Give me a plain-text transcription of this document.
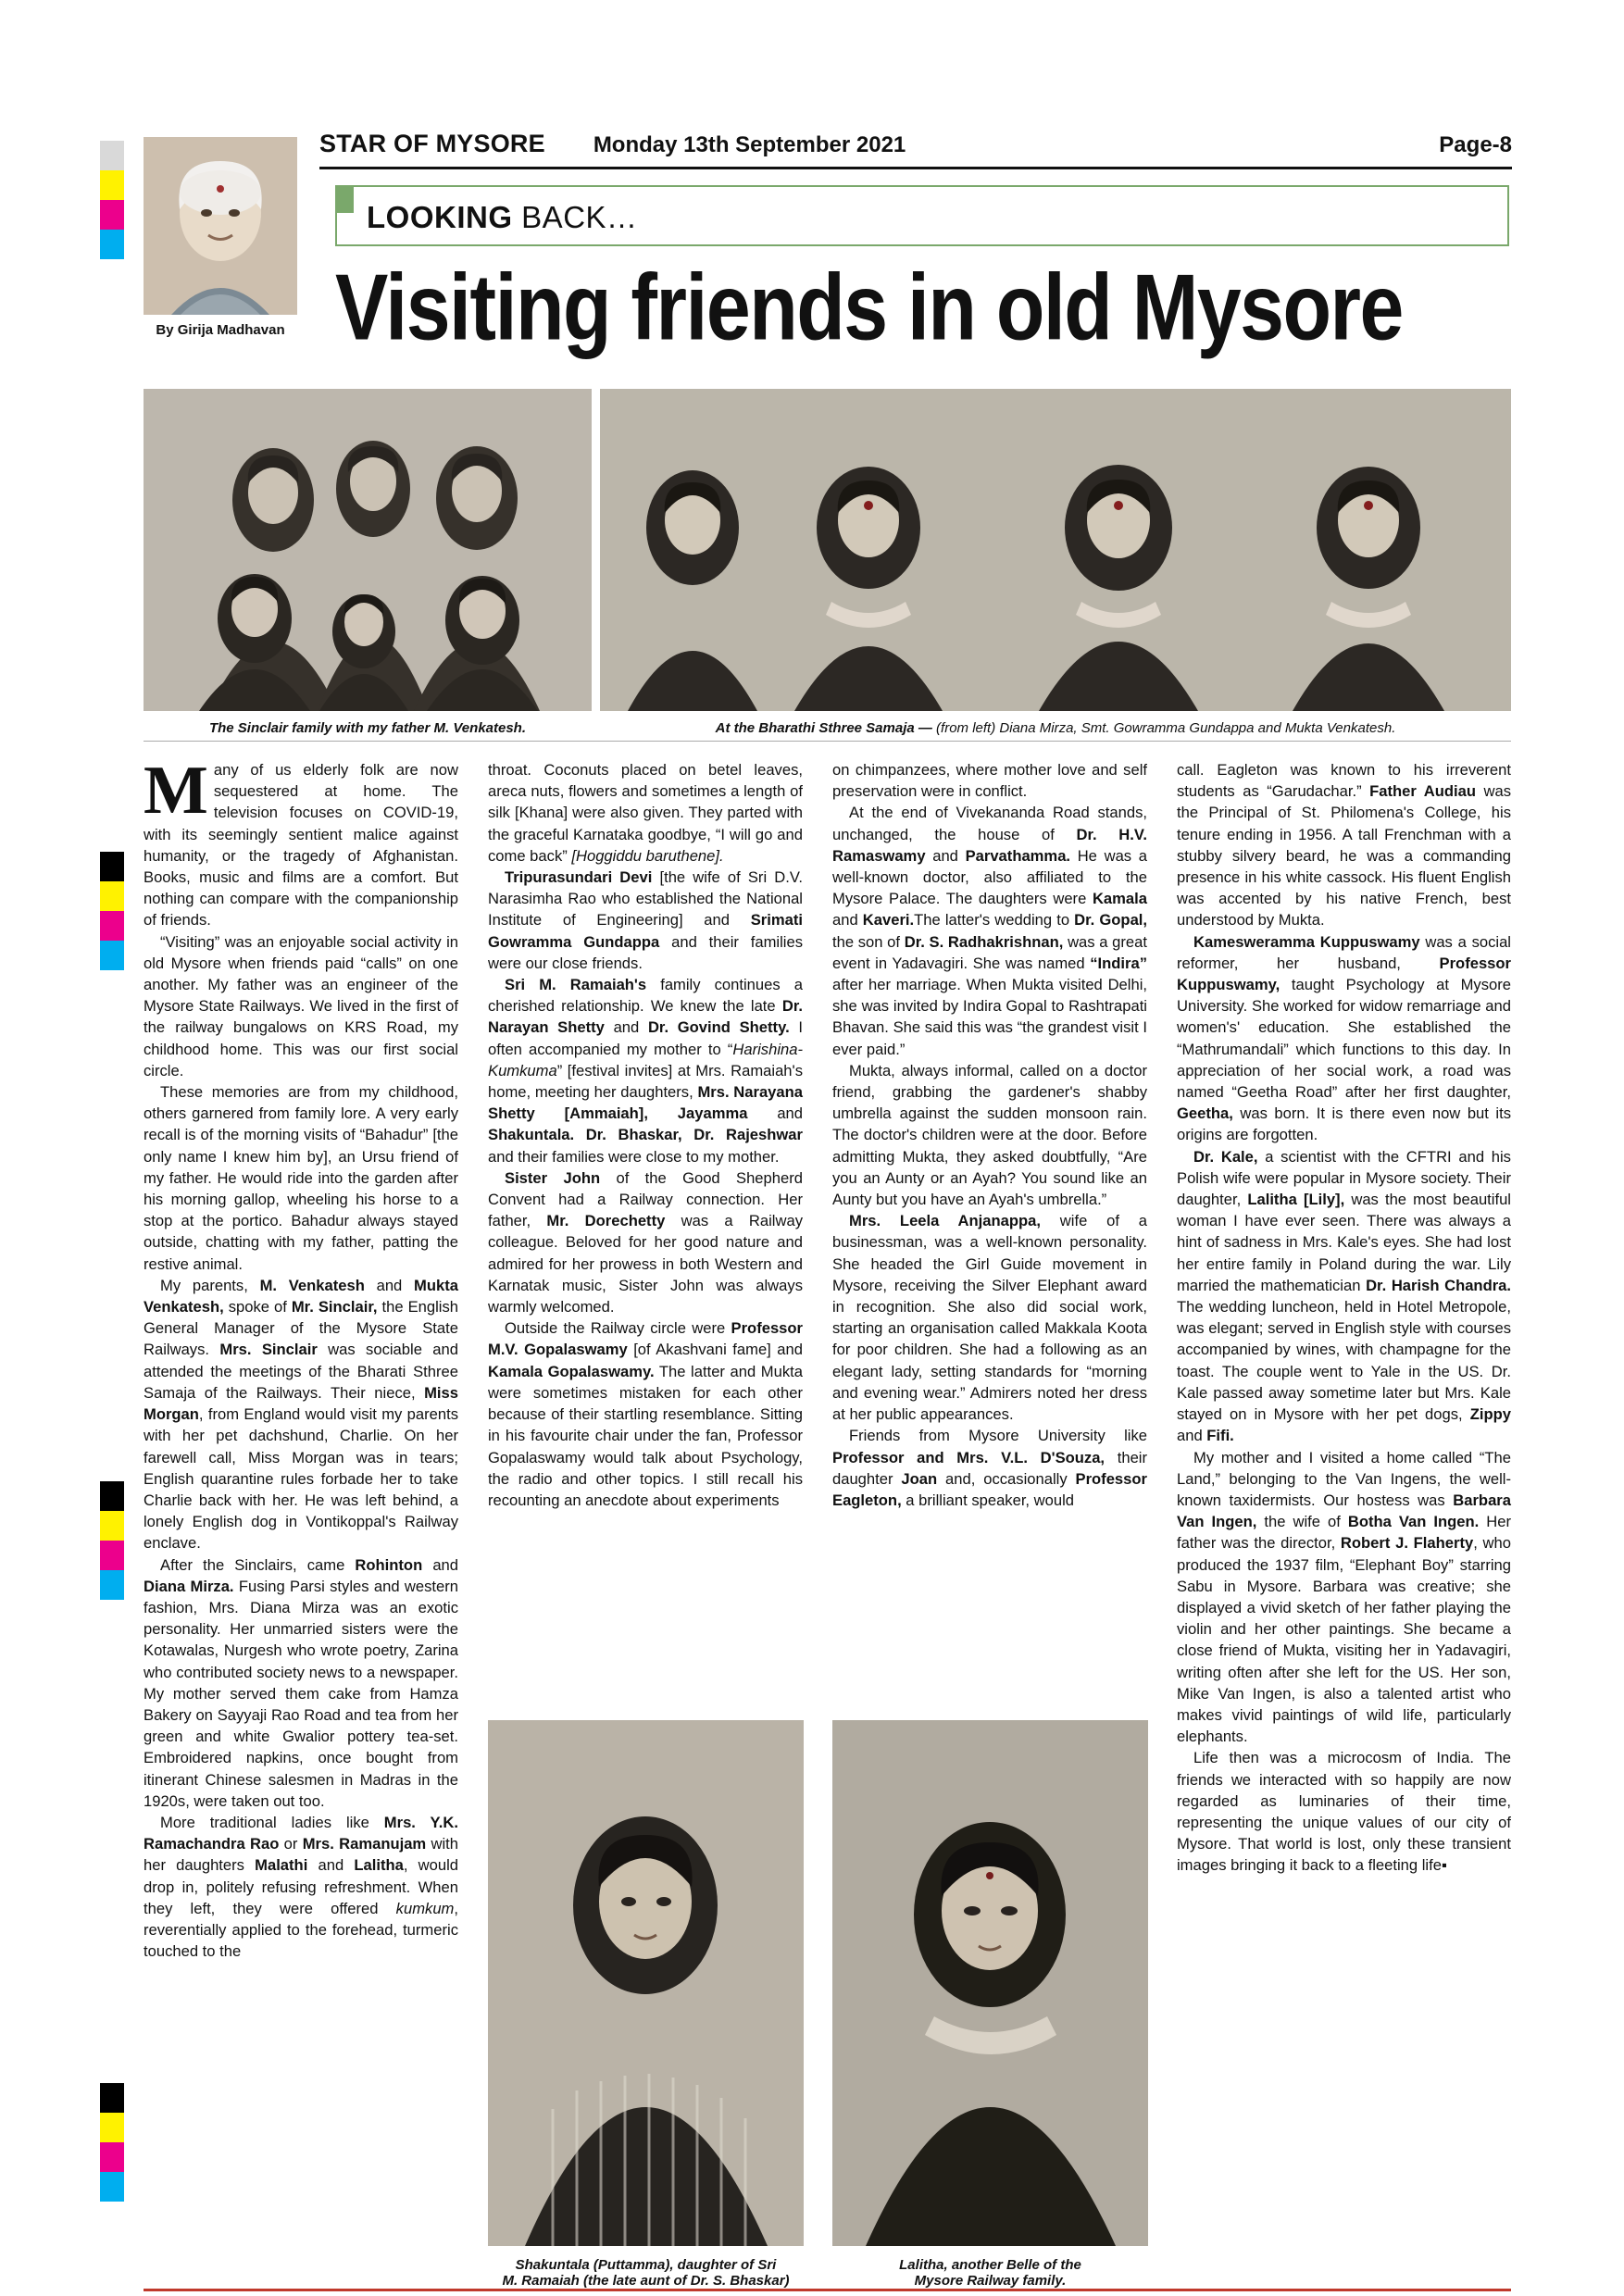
By Girija Madhavan
STAR OF MYSORE Monday 13th September 2021	Page-8
LOOKING BACK…
Visiting friends in old Mysore
The Sinclair family with my father M. Venkatesh.	At the Bharathi Sthree Samaja — (from left) Diana Mirza, Smt. Gowramma Gundappa and Mukta Venkatesh.

Many of us elderly folk are now sequestered at home. The television focuses on COVID-19, with its seemingly sentient malice against humanity, or the tragedy of Afghanistan. Books, music and films are a comfort. But nothing can compare with the companionship of friends.

“Visiting” was an enjoyable social activity in old Mysore when friends paid “calls” on one another. My father was an engineer of the Mysore State Railways. We lived in the first of the railway bungalows on KRS Road, my childhood home. This was our first social circle.

These memories are from my childhood, others garnered from family lore. A very early recall is of the morning visits of “Bahadur” [the only name I knew him by], an Ursu friend of my father. He would ride into the garden after his morning gallop, wheeling his horse to a stop at the portico. Bahadur always stayed outside, chatting with my father, patting the restive animal.

My parents, M. Venkatesh and Mukta Venkatesh, spoke of Mr. Sinclair, the English General Manager of the Mysore State Railways. Mrs. Sinclair was sociable and attended the meetings of the Bharati Sthree Samaja of the Railways. Their niece, Miss Morgan, from England would visit my parents with her pet dachshund, Charlie. On her farewell call, Miss Morgan was in tears; English quarantine rules forbade her to take Charlie back with her. He was left behind, a lonely English dog in Vontikoppal's Railway enclave.

After the Sinclairs, came Rohinton and Diana Mirza. Fusing Parsi styles and western fashion, Mrs. Diana Mirza was an exotic personality. Her unmarried sisters were the Kotawalas, Nurgesh who wrote poetry, Zarina who contributed society news to a newspaper. My mother served them cake from Hamza Bakery on Sayyaji Rao Road and tea from her green and white Gwalior pottery tea-set. Embroidered napkins, once bought from itinerant Chinese salesmen in Madras in the 1920s, were taken out too.

More traditional ladies like Mrs. Y.K. Ramachandra Rao or Mrs. Ramanujam with her daughters Malathi and Lalitha, would drop in, politely refusing refreshment. When they left, they were offered kumkum, reverentially applied to the forehead, turmeric touched to the

throat. Coconuts placed on betel leaves, areca nuts, flowers and sometimes a length of silk [Khana] were also given. They parted with the graceful Karnataka goodbye, “I will go and come back” [Hoggiddu baruthene].

Tripurasundari Devi [the wife of Sri D.V. Narasimha Rao who established the National Institute of Engineering] and Srimati Gowramma Gundappa and their families were our close friends.

Sri M. Ramaiah's family continues a cherished relationship. We knew the late Dr. Narayan Shetty and Dr. Govind Shetty. I often accompanied my mother to “Harishina-Kumkuma” [festival invites] at Mrs. Ramaiah's home, meeting her daughters, Mrs. Narayana Shetty [Ammaiah], Jayamma and Shakuntala. Dr. Bhaskar, Dr. Rajeshwar and their families were close to my mother.

Sister John of the Good Shepherd Convent had a Railway connection. Her father, Mr. Dorechetty was a Railway colleague. Beloved for her good nature and admired for her prowess in both Western and Karnatak music, Sister John was always warmly welcomed.

Outside the Railway circle were Professor M.V. Gopalaswamy [of Akashvani fame] and Kamala Gopalaswamy. The latter and Mukta were sometimes mistaken for each other because of their startling resemblance. Sitting in his favourite chair under the fan, Professor Gopalaswamy would talk about Psychology, the radio and other topics. I still recall his recounting an anecdote about experiments

on chimpanzees, where mother love and self preservation were in conflict.

At the end of Vivekananda Road stands, unchanged, the house of Dr. H.V. Ramaswamy and Parvathamma. He was a well-known doctor, also affiliated to the Mysore Palace. The daughters were Kamala and Kaveri.The latter's wedding to Dr. Gopal, the son of Dr. S. Radhakrishnan, was a great event in Yadavagiri. She was named “Indira” after her marriage. When Mukta visited Delhi, she was invited by Indira Gopal to Rashtrapati Bhavan. She said this was “the grandest visit I ever paid.”

Mukta, always informal, called on a doctor friend, grabbing the gardener's shabby umbrella against the sudden monsoon rain. The doctor's children were at the door. Before admitting Mukta, they asked doubtfully, “Are you an Aunty or an Ayah? You sound like an Aunty but you have an Ayah's umbrella.”

Mrs. Leela Anjanappa, wife of a businessman, was a well-known personality. She headed the Girl Guide movement in Mysore, receiving the Silver Elephant award in recognition. She also did social work, starting an organisation called Makkala Koota for poor children. She had a following as an elegant lady, setting standards for “morning and evening wear.” Admirers noted her dress at her public appearances.

Friends from Mysore University like Professor and Mrs. V.L. D'Souza, their daughter Joan and, occasionally Professor Eagleton, a brilliant speaker, would

call. Eagleton was known to his irreverent students as “Garudachar.” Father Audiau was the Principal of St. Philomena's College, his tenure ending in 1956. A tall Frenchman with a stubby silvery beard, he was a commanding presence in his white cassock. His fluent English was accented by his native French, best understood by Mukta.

Kamesweramma Kuppuswamy was a social reformer, her husband, Professor Kuppuswamy, taught Psychology at Mysore University. She worked for widow remarriage and women's' education. She established the “Mathrumandali” which functions to this day. In appreciation of her social work, a road was named “Geetha Road” after her first daughter, Geetha, was born. It is there even now but its origins are forgotten.

Dr. Kale, a scientist with the CFTRI and his Polish wife were popular in Mysore society. Their daughter, Lalitha [Lily], was the most beautiful woman I have ever seen. There was always a hint of sadness in Mrs. Kale's eyes. She had lost her entire family in Poland during the war. Lily married the mathematician Dr. Harish Chandra. The wedding luncheon, held in Hotel Metropole, was elegant; served in English style with courses accompanied by wines, with champagne for the toast. The couple went to Yale in the US. Dr. Kale passed away sometime later but Mrs. Kale stayed on in Mysore with her pet dogs, Zippy and Fifi.

My mother and I visited a home called “The Land,” belonging to the Van Ingens, the well-known taxidermists. Our hostess was Barbara Van Ingen, the wife of Botha Van Ingen. Her father was the director, Robert J. Flaherty, who produced the 1937 film, “Elephant Boy” starring Sabu in Mysore. Barbara was creative; she displayed a vivid sketch of her father playing the violin and her other paintings. She became a close friend of Mukta, visiting her in Yadavagiri, writing often after she left for the US. Her son, Mike Van Ingen, is also a talented artist who makes vivid paintings of wild life, particularly elephants.

Life then was a microcosm of India. The friends we interacted with so happily are now regarded as luminaries of their time, representing the unique values of our city of Mysore. That world is lost, only these transient images bringing it back to a fleeting life▪

Shakuntala (Puttamma), daughter of Sri
M. Ramaiah (the late aunt of Dr. S. Bhaskar)
Lalitha, another Belle of the
Mysore Railway family.
